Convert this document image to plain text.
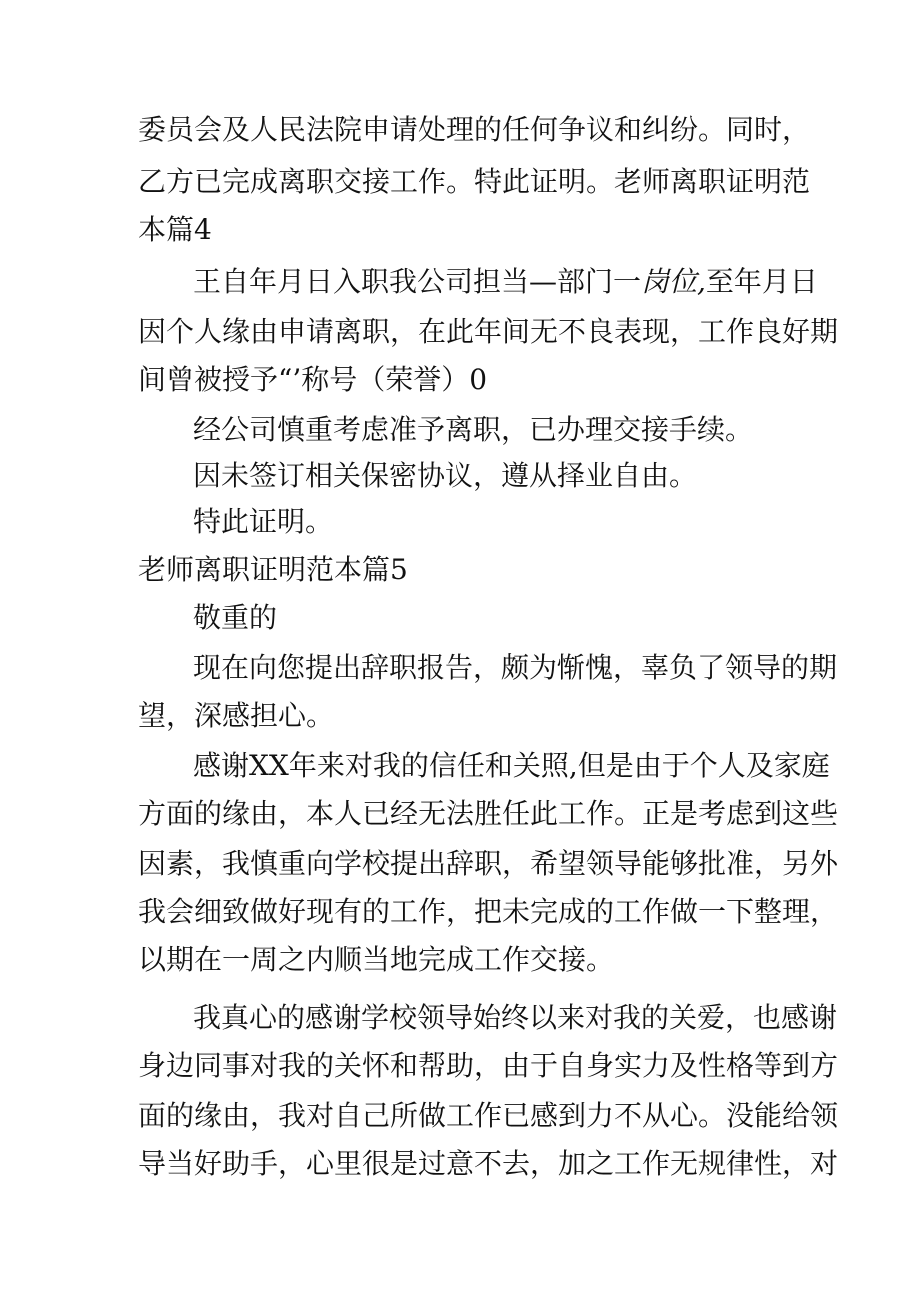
委员会及人民法院申请处理的任何争议和纠纷。同时，
乙方已完成离职交接工作。特此证明。老师离职证明范
本篇4
王自年月日入职我公司担当—部门一岗位,至年月日
因个人缘由申请离职，在此年间无不良表现，工作良好期
间曾被授予“’称号（荣誉）0
经公司慎重考虑准予离职，已办理交接手续。
因未签订相关保密协议，遵从择业自由。
特此证明。
老师离职证明范本篇5
敬重的
现在向您提出辞职报告，颇为惭愧，辜负了领导的期
望，深感担心。
感谢XX年来对我的信任和关照,但是由于个人及家庭
方面的缘由，本人已经无法胜任此工作。正是考虑到这些
因素，我慎重向学校提出辞职，希望领导能够批准，另外
我会细致做好现有的工作，把未完成的工作做一下整理，
以期在一周之内顺当地完成工作交接。
我真心的感谢学校领导始终以来对我的关爱，也感谢
身边同事对我的关怀和帮助，由于自身实力及性格等到方
面的缘由，我对自己所做工作已感到力不从心。没能给领
导当好助手，心里很是过意不去，加之工作无规律性，对
